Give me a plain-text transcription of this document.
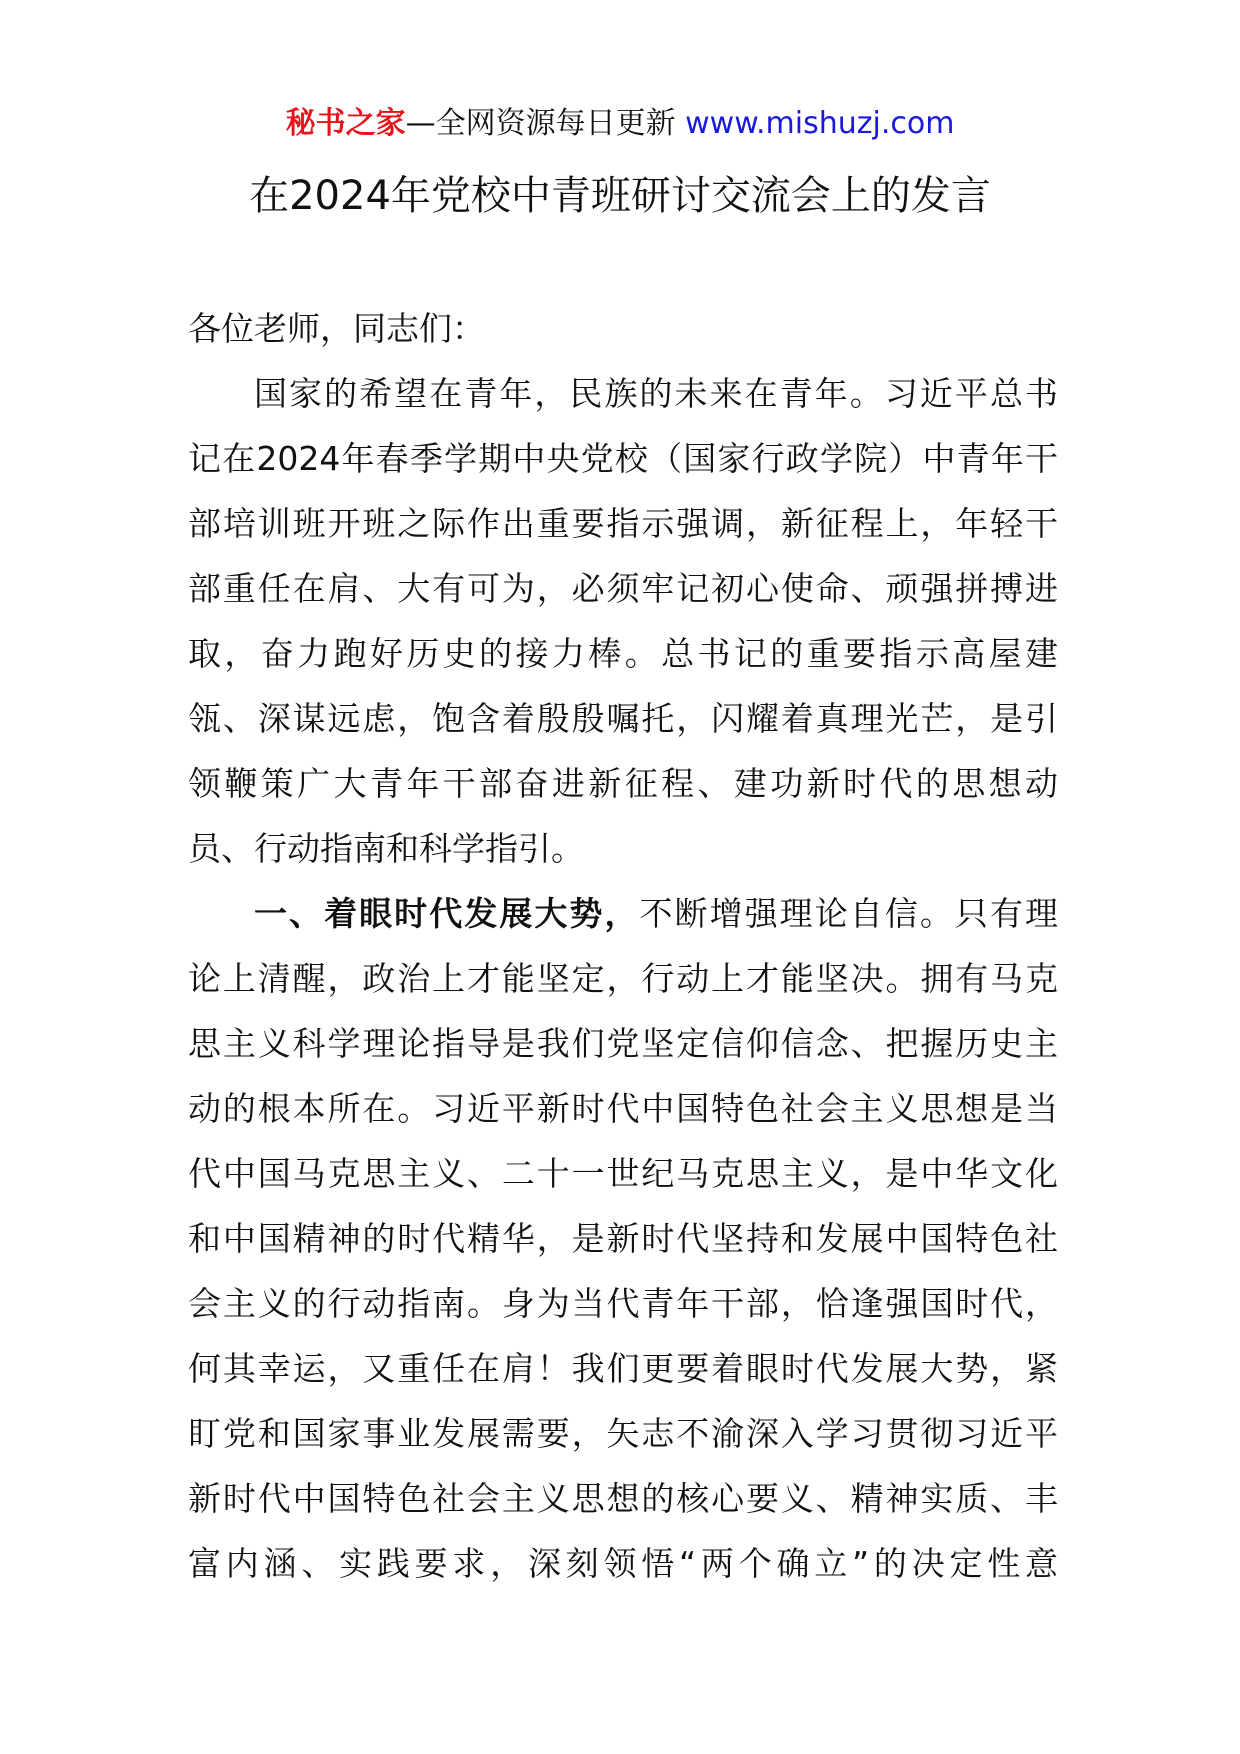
秘书之家—全网资源每日更新 www.mishuzj.com
在2024年党校中青班研讨交流会上的发言
各位老师，同志们：
国家的希望在青年，民族的未来在青年。习近平总书
记在2024年春季学期中央党校（国家行政学院）中青年干
部培训班开班之际作出重要指示强调，新征程上，年轻干
部重任在肩、大有可为，必须牢记初心使命、顽强拼搏进
取，奋力跑好历史的接力棒。总书记的重要指示高屋建
瓴、深谋远虑，饱含着殷殷嘱托，闪耀着真理光芒，是引
领鞭策广大青年干部奋进新征程、建功新时代的思想动
员、行动指南和科学指引。
一、着眼时代发展大势，不断增强理论自信。只有理
论上清醒，政治上才能坚定，行动上才能坚决。拥有马克
思主义科学理论指导是我们党坚定信仰信念、把握历史主
动的根本所在。习近平新时代中国特色社会主义思想是当
代中国马克思主义、二十一世纪马克思主义，是中华文化
和中国精神的时代精华，是新时代坚持和发展中国特色社
会主义的行动指南。身为当代青年干部，恰逢强国时代，
何其幸运，又重任在肩！我们更要着眼时代发展大势，紧
盯党和国家事业发展需要，矢志不渝深入学习贯彻习近平
新时代中国特色社会主义思想的核心要义、精神实质、丰
富内涵、实践要求，深刻领悟“两个确立”的决定性意
